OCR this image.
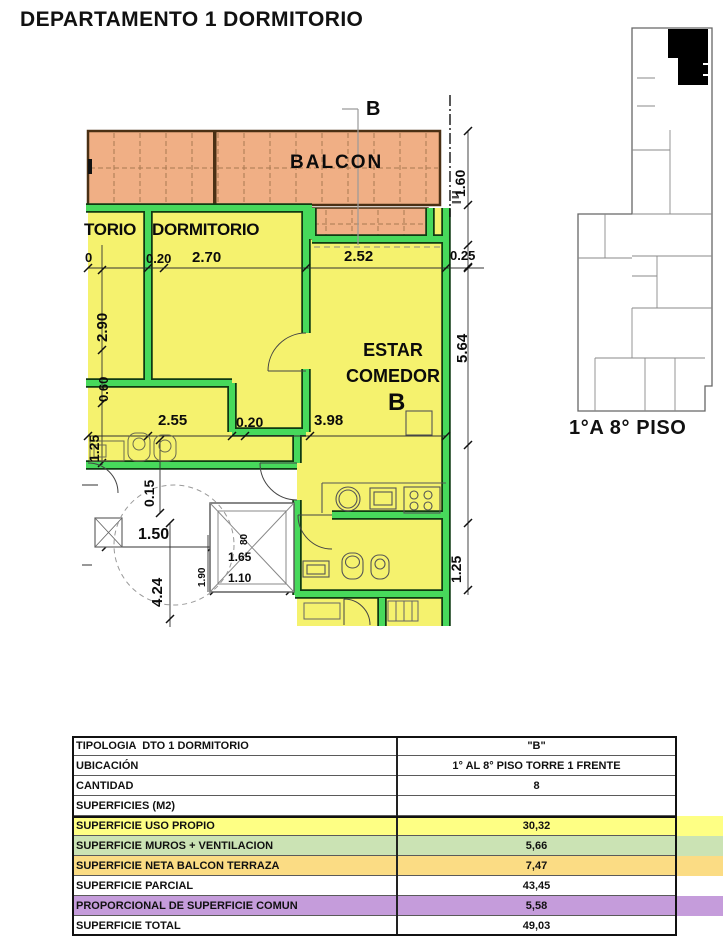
DEPARTAMENTO 1 DORMITORIO
BALCON
B
TORIO DORMITORIO
0	0.20 2.70	2.52	0.25
2.90
0.60
1.25
ESTAR
COMEDOR
B
2.55	0.20	3.98
0.15
1.50
4.24
1.90
80
1.65
1.10
1.60
5.64
1.25
1°A 8° PISO
TIPOLOGIA  DTO 1 DORMITORIO	"B"
UBICACIÓN	1° AL 8° PISO TORRE 1 FRENTE
CANTIDAD	8
SUPERFICIES (M2)
SUPERFICIE USO PROPIO	30,32
SUPERFICIE MUROS + VENTILACION	5,66
SUPERFICIE NETA BALCON TERRAZA	7,47
SUPERFICIE PARCIAL	43,45
PROPORCIONAL DE SUPERFICIE COMUN	5,58
SUPERFICIE TOTAL	49,03
